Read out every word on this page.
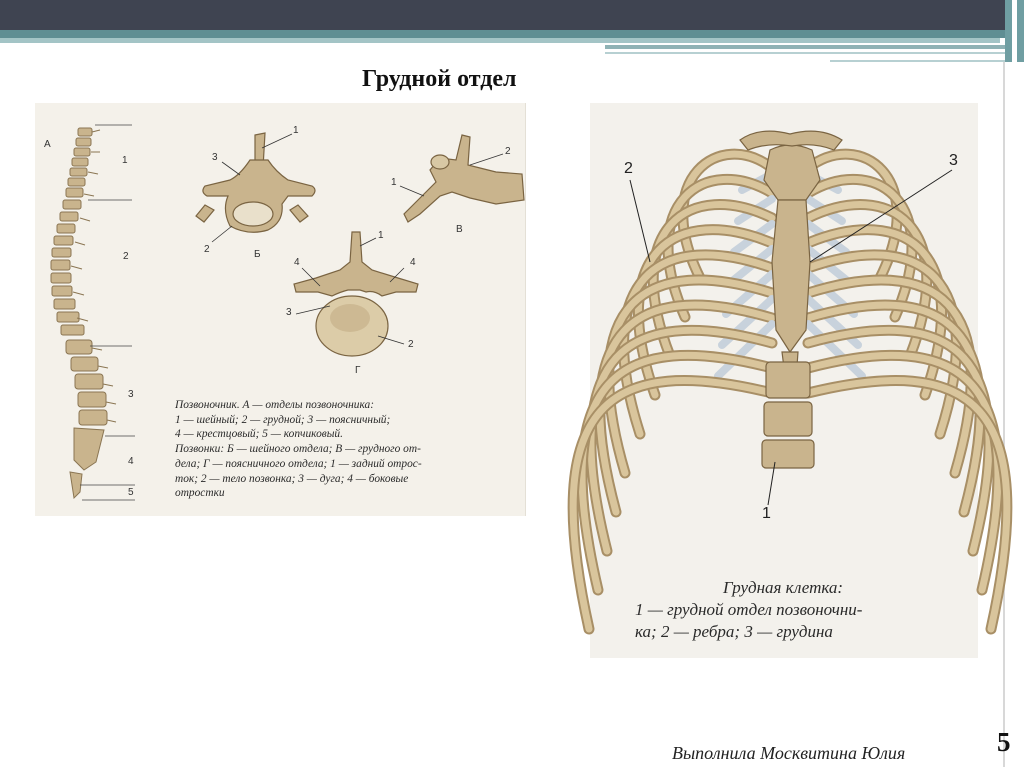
Грудной отдел
А
Б
В
Г
1
2
3
4
5
1
3
2
1
2
1
4	4
3
2
Позвоночник. А — отделы позвоночника:
1 — шейный; 2 — грудной; 3 — поясничный;
4 — крестцовый; 5 — копчиковый.
Позвонки: Б — шейного отдела; В — грудного от-
дела; Г — поясничного отдела; 1 — задний отрос-
ток; 2 — тело позвонка; 3 — дуга; 4 — боковые
отростки
2	3
1
Грудная клетка:
1 — грудной отдел позвоночни-
ка; 2 — ребра; 3 — грудина
Выполнила Москвитина Юлия	5
